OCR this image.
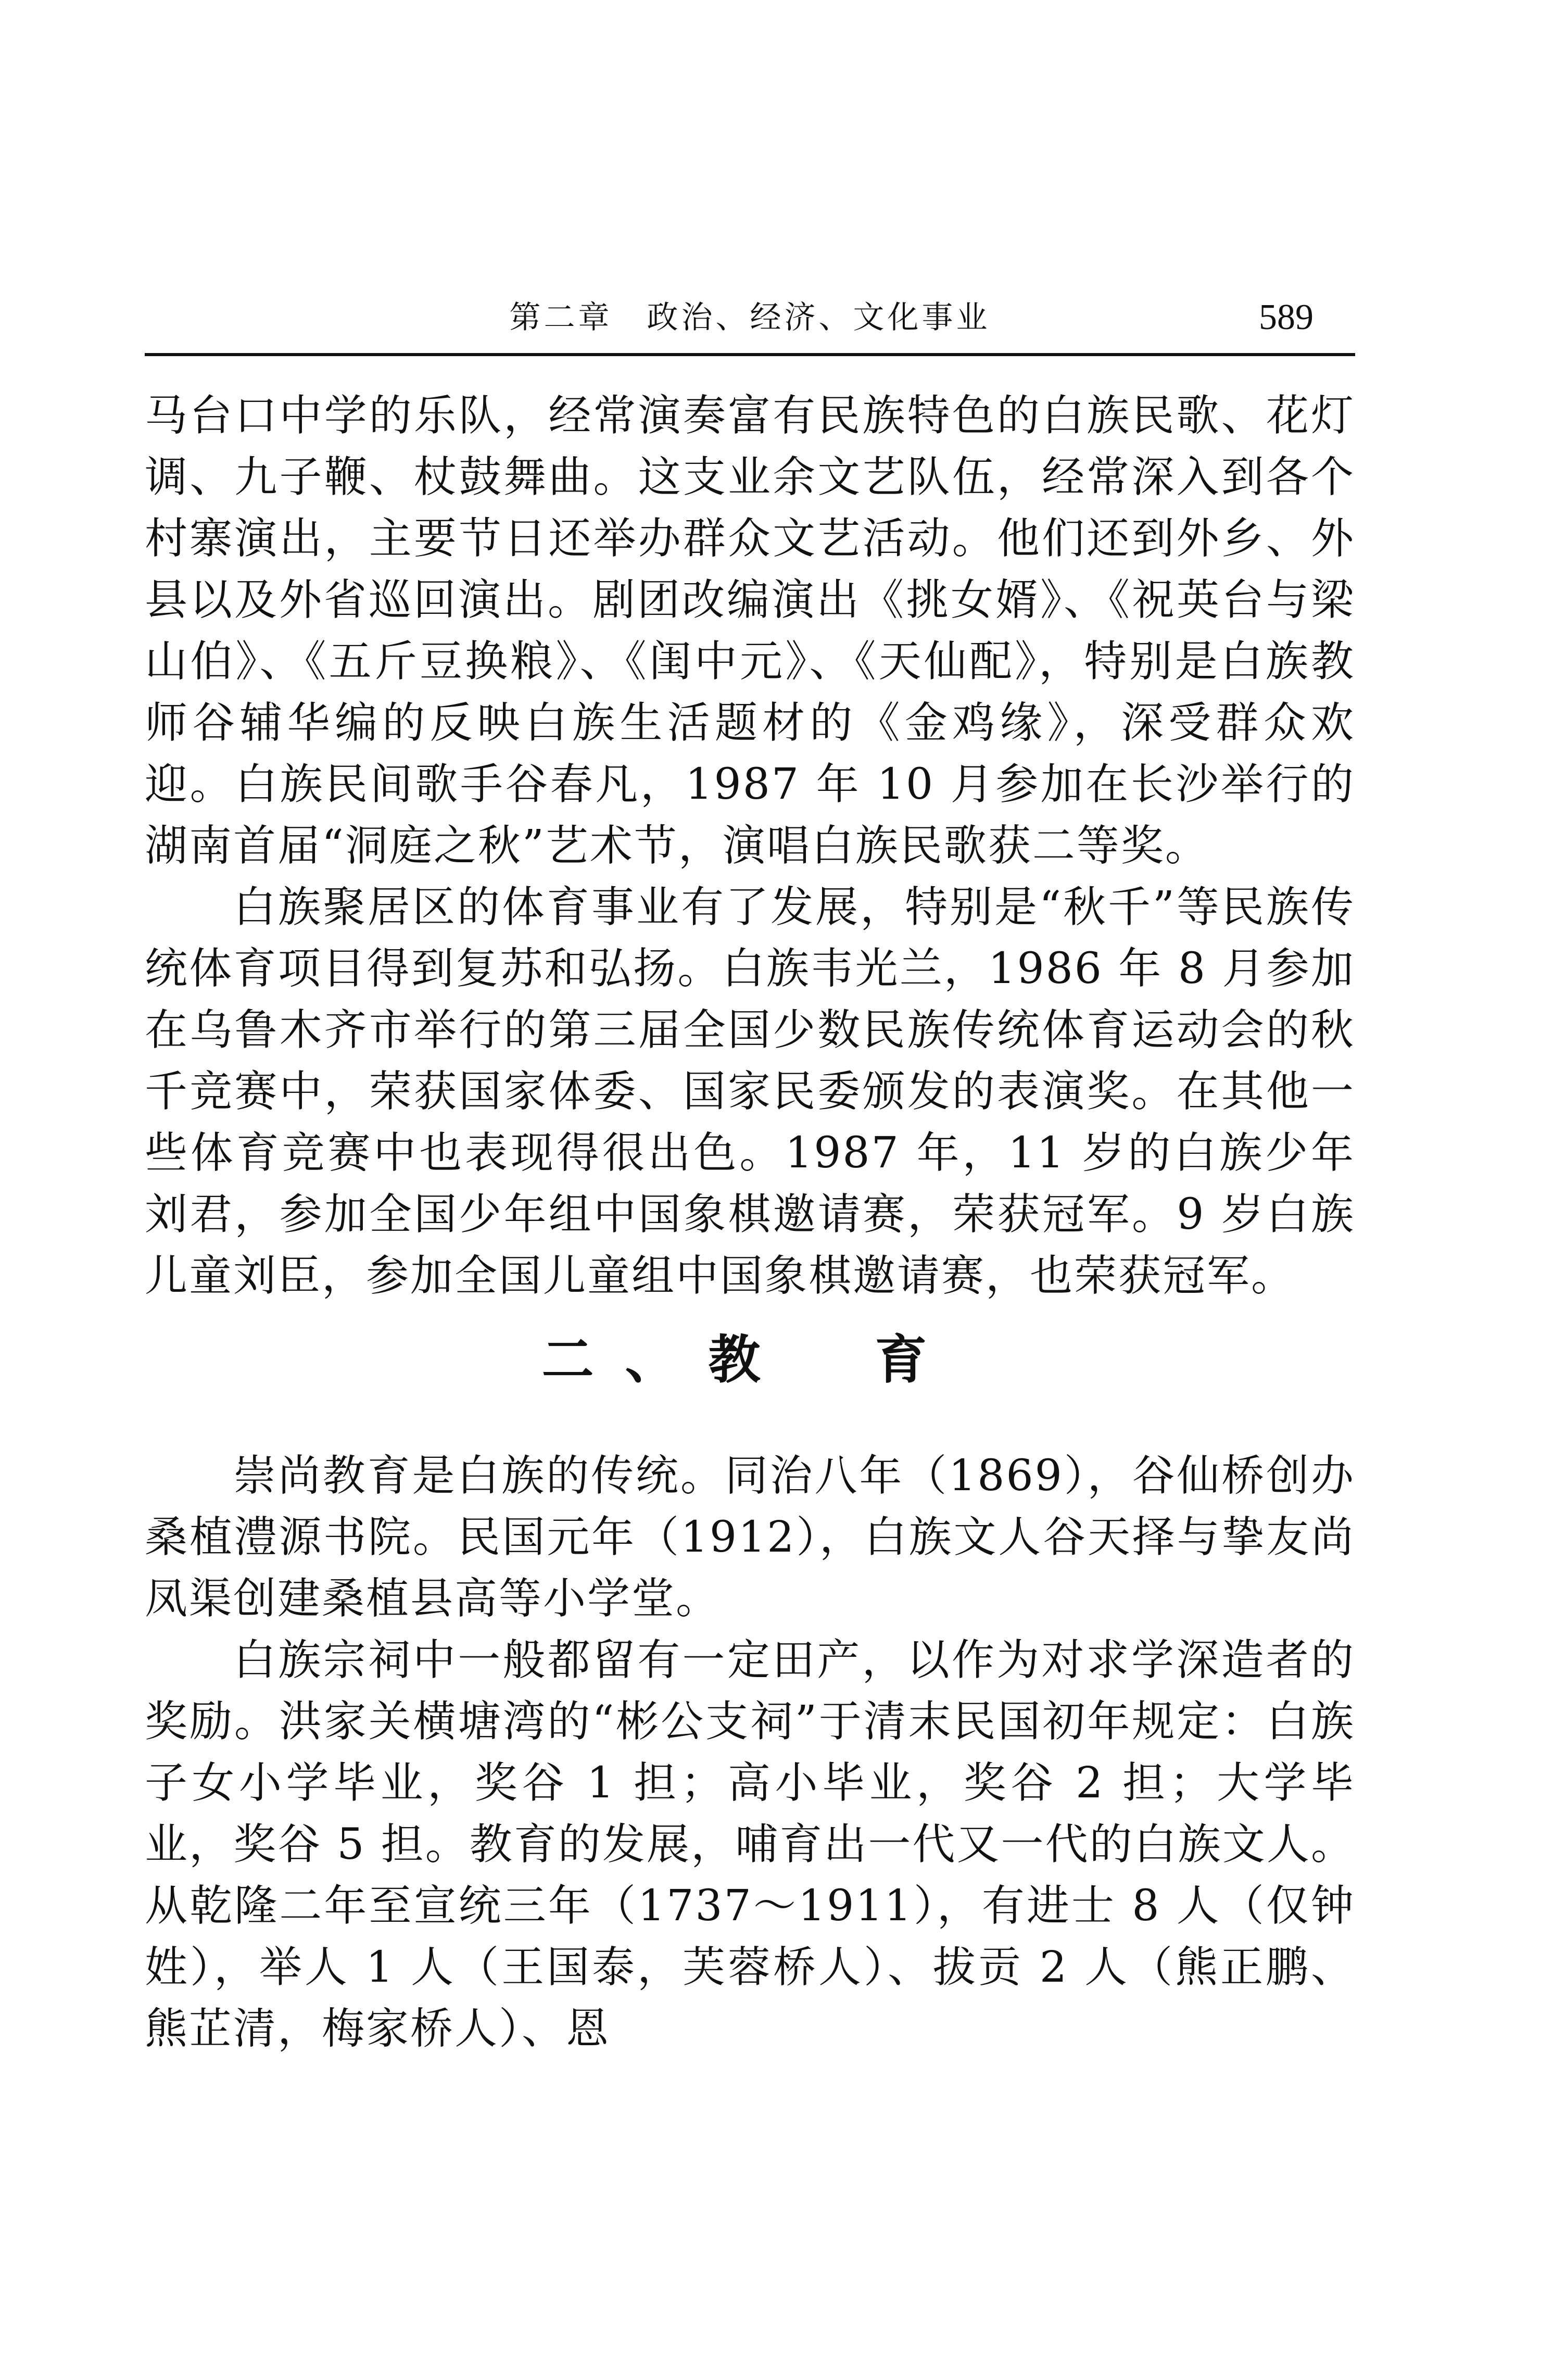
第二章　政治、经济、文化事业	589

马台口中学的乐队，经常演奏富有民族特色的白族民歌、花灯调、九子鞭、杖鼓舞曲。这支业余文艺队伍，经常深入到各个村寨演出，主要节日还举办群众文艺活动。他们还到外乡、外县以及外省巡回演出。剧团改编演出《挑女婿》、《祝英台与梁山伯》、《五斤豆换粮》、《闺中元》、《天仙配》，特别是白族教师谷辅华编的反映白族生活题材的《金鸡缘》，深受群众欢迎。白族民间歌手谷春凡，1987 年 10 月参加在长沙举行的湖南首届“洞庭之秋”艺术节，演唱白族民歌获二等奖。

白族聚居区的体育事业有了发展，特别是“秋千”等民族传统体育项目得到复苏和弘扬。白族韦光兰，1986 年 8 月参加在乌鲁木齐市举行的第三届全国少数民族传统体育运动会的秋千竞赛中，荣获国家体委、国家民委颁发的表演奖。在其他一些体育竞赛中也表现得很出色。1987 年，11 岁的白族少年刘君，参加全国少年组中国象棋邀请赛，荣获冠军。9 岁白族儿童刘臣，参加全国儿童组中国象棋邀请赛，也荣获冠军。

二、教　育

崇尚教育是白族的传统。同治八年（1869），谷仙桥创办桑植澧源书院。民国元年（1912），白族文人谷天择与挚友尚凤渠创建桑植县高等小学堂。

白族宗祠中一般都留有一定田产，以作为对求学深造者的奖励。洪家关横塘湾的“彬公支祠”于清末民国初年规定：白族子女小学毕业，奖谷 1 担；高小毕业，奖谷 2 担；大学毕业，奖谷 5 担。教育的发展，哺育出一代又一代的白族文人。从乾隆二年至宣统三年（1737～1911），有进士 8 人（仅钟姓），举人 1 人（王国泰，芙蓉桥人）、拔贡 2 人（熊正鹏、熊芷清，梅家桥人）、恩
